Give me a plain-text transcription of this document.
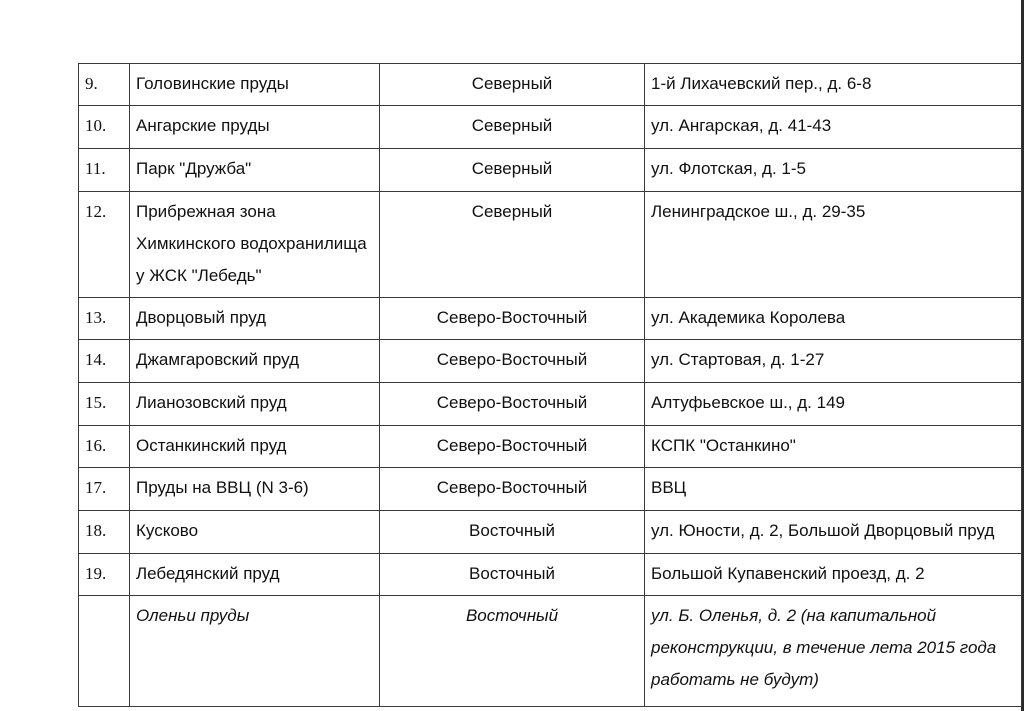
9.	Головинские пруды	Северный	1-й Лихачевский пер., д. 6-8
10.	Ангарские пруды	Северный	ул. Ангарская, д. 41-43
11.	Парк "Дружба"	Северный	ул. Флотская, д. 1-5
12.	Прибрежная зона Химкинского водохранилища у ЖСК "Лебедь"	Северный	Ленинградское ш., д. 29-35
13.	Дворцовый пруд	Северо-Восточный	ул. Академика Королева
14.	Джамгаровский пруд	Северо-Восточный	ул. Стартовая, д. 1-27
15.	Лианозовский пруд	Северо-Восточный	Алтуфьевское ш., д. 149
16.	Останкинский пруд	Северо-Восточный	КСПК "Останкино"
17.	Пруды на ВВЦ (N 3-6)	Северо-Восточный	ВВЦ
18.	Кусково	Восточный	ул. Юности, д. 2, Большой Дворцовый пруд
19.	Лебедянский пруд	Восточный	Большой Купавенский проезд, д. 2
	Оленьи пруды	Восточный	ул. Б. Оленья, д. 2 (на капитальной реконструкции, в течение лета 2015 года работать не будут)
